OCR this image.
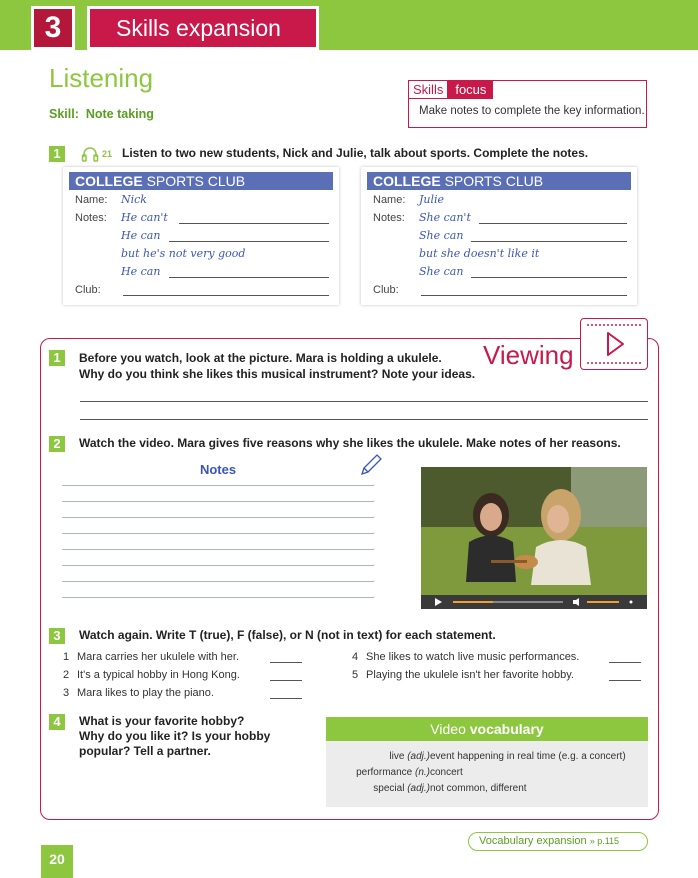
3	Skills expansion
Listening
Skill: Note taking
Skills focus
Make notes to complete the key information.
1	21 Listen to two new students, Nick and Julie, talk about sports. Complete the notes.
COLLEGE SPORTS CLUB
Name: Nick
Notes: He can't
He can
but he's not very good
He can
Club:
COLLEGE SPORTS CLUB
Name: Julie
Notes: She can't
She can
but she doesn't like it
She can
Club:
Viewing
1	Before you watch, look at the picture. Mara is holding a ukulele.
Why do you think she likes this musical instrument? Note your ideas.
2	Watch the video. Mara gives five reasons why she likes the ukulele. Make notes of her reasons.
Notes
3	Watch again. Write T (true), F (false), or N (not in text) for each statement.
1 Mara carries her ukulele with her.
2 It's a typical hobby in Hong Kong.
3 Mara likes to play the piano.
4 She likes to watch live music performances.
5 Playing the ukulele isn't her favorite hobby.
4	What is your favorite hobby?
Why do you like it? Is your hobby
popular? Tell a partner.
Video vocabulary
live (adj.) event happening in real time (e.g. a concert)
performance (n.) concert
special (adj.) not common, different
Vocabulary expansion » p.115
20
